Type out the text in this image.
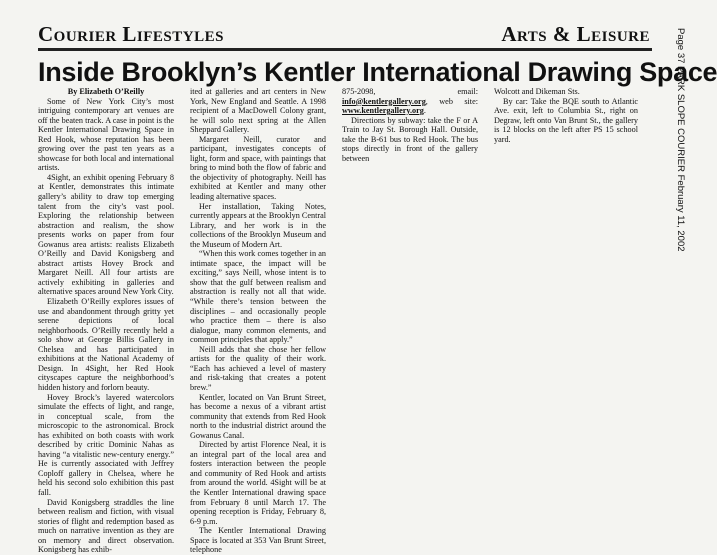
Courier Lifestyles	Arts & Leisure
Inside Brooklyn’s Kentler International Drawing Space

By Elizabeth O’Reilly

Some of New York City’s most intriguing contemporary art venues are off the beaten track. A case in point is the Kentler International Drawing Space in Red Hook, whose reputation has been growing over the past ten years as a showcase for both local and international artists.

4Sight, an exhibit opening February 8 at Kentler, demonstrates this intimate gallery’s ability to draw top emerging talent from the city’s vast pool. Exploring the relationship between abstraction and realism, the show presents works on paper from four Gowanus area artists: realists Elizabeth O’Reilly and David Konigsberg and abstract artists Hovey Brock and Margaret Neill. All four artists are actively exhibiting in galleries and alternative spaces around New York City.

Elizabeth O’Reilly explores issues of use and abandonment through gritty yet serene depictions of local neighborhoods. O’Reilly recently held a solo show at George Billis Gallery in Chelsea and has participated in exhibitions at the National Academy of Design. In 4Sight, her Red Hook cityscapes capture the neighborhood’s hidden history and forlorn beauty.

Hovey Brock’s layered watercolors simulate the effects of light, and range, in conceptual scale, from the microscopic to the astronomical. Brock has exhibited on both coasts with work described by critic Dominic Nahas as having “a vitalistic new-century energy.” He is currently associated with Jeffrey Coploff gallery in Chelsea, where he held his second solo exhibition this past fall.

David Konigsberg straddles the line between realism and fiction, with visual stories of flight and redemption based as much on narrative invention as they are on memory and direct observation. Konigsberg has exhib-

ited at galleries and art centers in New York, New England and Seattle. A 1998 recipient of a MacDowell Colony grant, he will solo next spring at the Allen Sheppard Gallery.

Margaret Neill, curator and participant, investigates concepts of light, form and space, with paintings that bring to mind both the flow of fabric and the objectivity of photography. Neill has exhibited at Kentler and many other leading alternative spaces.

Her installation, Taking Notes, currently appears at the Brooklyn Central Library, and her work is in the collections of the Brooklyn Museum and the Museum of Modern Art.

“When this work comes together in an intimate space, the impact will be exciting,” says Neill, whose intent is to show that the gulf between realism and abstraction is really not all that wide. “While there’s tension between the disciplines – and occasionally people who practice them – there is also dialogue, many common elements, and common principles that apply.”

Neill adds that she chose her fellow artists for the quality of their work. “Each has achieved a level of mastery and risk-taking that creates a potent brew.”

Kentler, located on Van Brunt Street, has become a nexus of a vibrant artist community that extends from Red Hook north to the industrial district around the Gowanus Canal.

Directed by artist Florence Neal, it is an integral part of the local area and fosters interaction between the people and community of Red Hook and artists from around the world. 4Sight will be at the Kentler International drawing space from February 8 until March 17. The opening reception is Friday, February 8, 6-9 p.m.

The Kentler International Drawing Space is located at 353 Van Brunt Street, telephone

875-2098, email: info@kentlergallery.org, web site: www.kentlergallery.org.

Directions by subway: take the F or A Train to Jay St. Borough Hall. Outside, take the B-61 bus to Red Hook. The bus stops directly in front of the gallery between

Wolcott and Dikeman Sts.

By car: Take the BQE south to Atlantic Ave. exit, left to Columbia St., right on Degraw, left onto Van Brunt St., the gallery is 12 blocks on the left after PS 15 school yard.	Page 37 PARK SLOPE COURIER February 11, 2002
